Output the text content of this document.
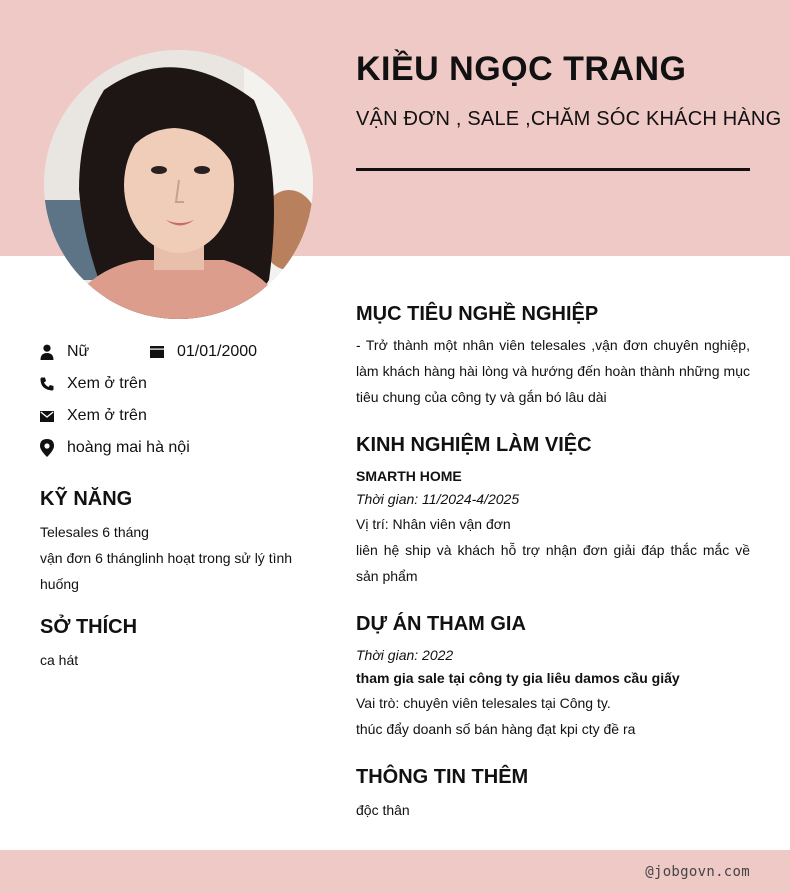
KIỀU NGỌC TRANG
VẬN ĐƠN , SALE ,CHĂM SÓC KHÁCH HÀNG
Nữ	01/01/2000
Xem ở trên
Xem ở trên
hoàng mai hà nội
KỸ NĂNG
Telesales 6 tháng
vận đơn 6 thánglinh hoạt trong sử lý tình huống
SỞ THÍCH
ca hát
MỤC TIÊU NGHỀ NGHIỆP
- Trở thành một nhân viên telesales ,vận đơn chuyên nghiệp, làm khách hàng hài lòng và hướng đến hoàn thành những mục tiêu chung của công ty và gắn bó lâu dài
KINH NGHIỆM LÀM VIỆC
SMARTH HOME
Thời gian: 11/2024-4/2025
Vị trí: Nhân viên vận đơn
liên hệ ship và khách hỗ trợ nhận đơn giải đáp thắc mắc về sản phẩm
DỰ ÁN THAM GIA
Thời gian: 2022
tham gia sale tại công ty gia liêu damos cầu giấy
Vai trò: chuyên viên telesales tại Công ty.
thúc đẩy doanh số bán hàng đạt kpi cty đề ra
THÔNG TIN THÊM
độc thân
@jobgovn.com
